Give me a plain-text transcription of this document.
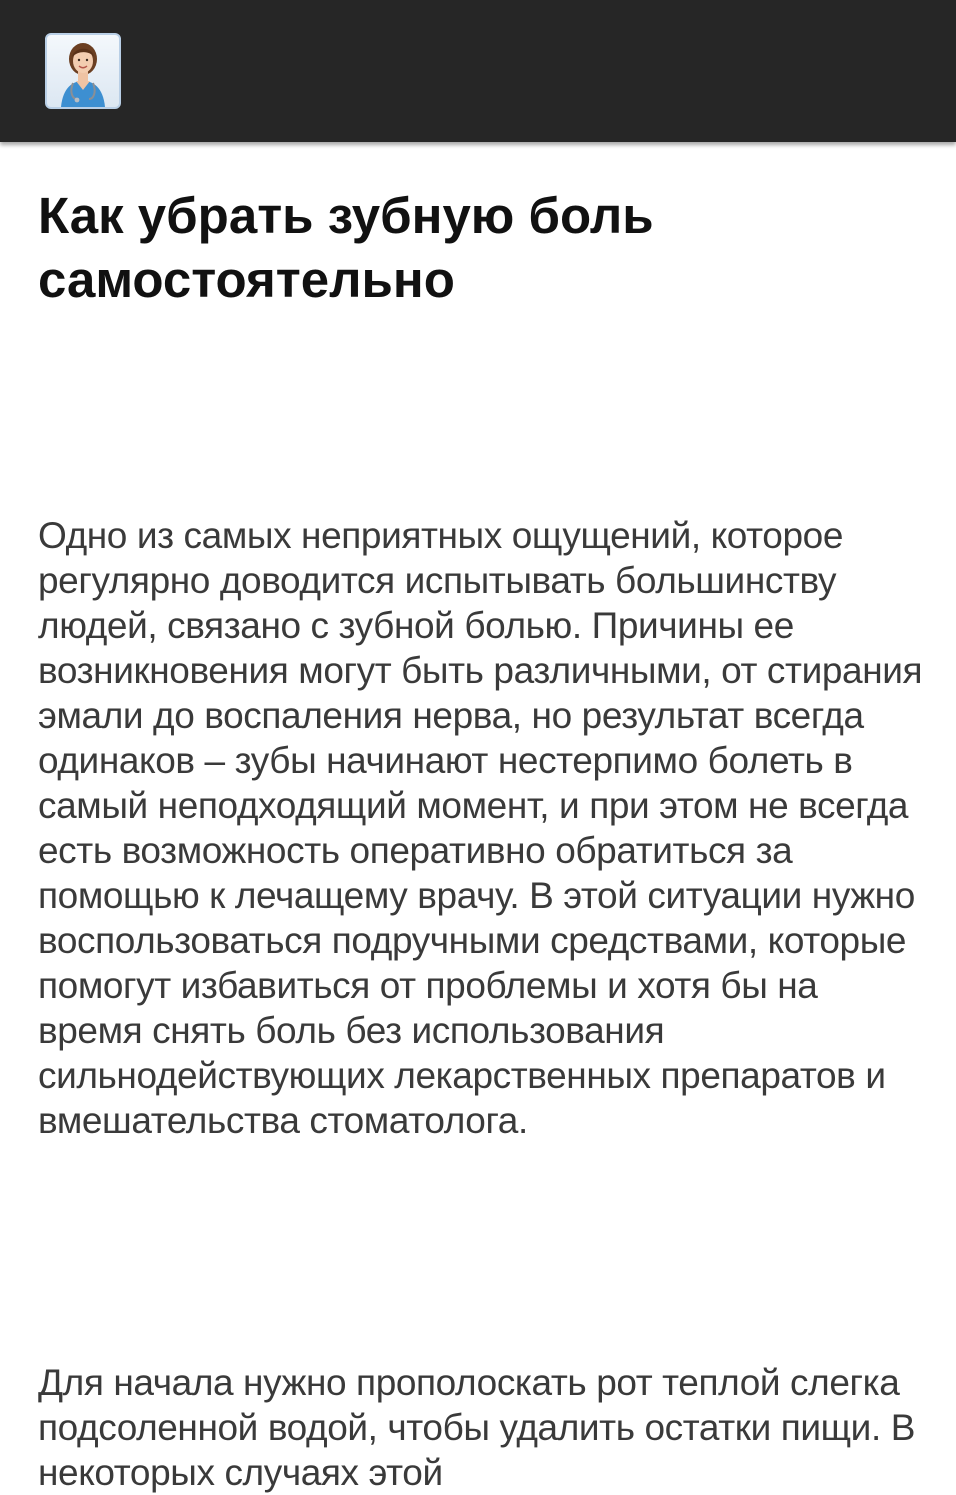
Как убрать зубную боль самостоятельно

Одно из самых неприятных ощущений, которое регулярно доводится испытывать большинству людей, связано с зубной болью. Причины ее возникновения могут быть различными, от стирания эмали до воспаления нерва, но результат всегда одинаков – зубы начинают нестерпимо болеть в самый неподходящий момент, и при этом не всегда есть возможность оперативно обратиться за помощью к лечащему врачу. В этой ситуации нужно воспользоваться подручными средствами, которые помогут избавиться от проблемы и хотя бы на время снять боль без использования сильнодействующих лекарственных препаратов и вмешательства стоматолога.

Для начала нужно прополоскать рот теплой слегка подсоленной водой, чтобы удалить остатки пищи. В некоторых случаях этой
